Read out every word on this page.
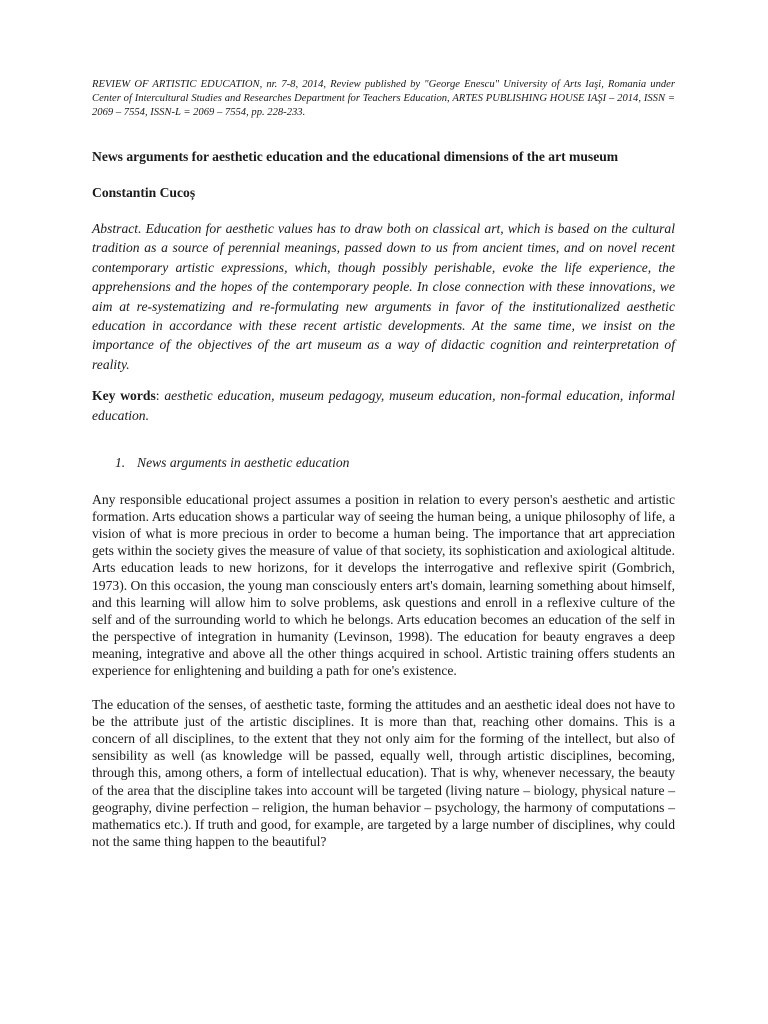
REVIEW OF ARTISTIC EDUCATION, nr. 7-8, 2014, Review published by "George Enescu" University of Arts Iaşi, Romania under Center of Intercultural Studies and Researches Department for Teachers Education, ARTES PUBLISHING HOUSE IAŞI – 2014, ISSN = 2069 – 7554, ISSN-L = 2069 – 7554, pp. 228-233.

News arguments for aesthetic education and the educational dimensions of the art museum

Constantin Cucoș

Abstract. Education for aesthetic values has to draw both on classical art, which is based on the cultural tradition as a source of perennial meanings, passed down to us from ancient times, and on novel recent contemporary artistic expressions, which, though possibly perishable, evoke the life experience, the apprehensions and the hopes of the contemporary people. In close connection with these innovations, we aim at re-systematizing and re-formulating new arguments in favor of the institutionalized aesthetic education in accordance with these recent artistic developments. At the same time, we insist on the importance of the objectives of the art museum as a way of didactic cognition and reinterpretation of reality.

Key words: aesthetic education, museum pedagogy, museum education, non-formal education, informal education.

1. News arguments in aesthetic education

Any responsible educational project assumes a position in relation to every person's aesthetic and artistic formation. Arts education shows a particular way of seeing the human being, a unique philosophy of life, a vision of what is more precious in order to become a human being. The importance that art appreciation gets within the society gives the measure of value of that society, its sophistication and axiological altitude. Arts education leads to new horizons, for it develops the interrogative and reflexive spirit (Gombrich, 1973). On this occasion, the young man consciously enters art's domain, learning something about himself, and this learning will allow him to solve problems, ask questions and enroll in a reflexive culture of the self and of the surrounding world to which he belongs. Arts education becomes an education of the self in the perspective of integration in humanity (Levinson, 1998). The education for beauty engraves a deep meaning, integrative and above all the other things acquired in school. Artistic training offers students an experience for enlightening and building a path for one's existence.

The education of the senses, of aesthetic taste, forming the attitudes and an aesthetic ideal does not have to be the attribute just of the artistic disciplines. It is more than that, reaching other domains. This is a concern of all disciplines, to the extent that they not only aim for the forming of the intellect, but also of sensibility as well (as knowledge will be passed, equally well, through artistic disciplines, becoming, through this, among others, a form of intellectual education). That is why, whenever necessary, the beauty of the area that the discipline takes into account will be targeted (living nature – biology, physical nature – geography, divine perfection – religion, the human behavior – psychology, the harmony of computations – mathematics etc.). If truth and good, for example, are targeted by a large number of disciplines, why could not the same thing happen to the beautiful?
